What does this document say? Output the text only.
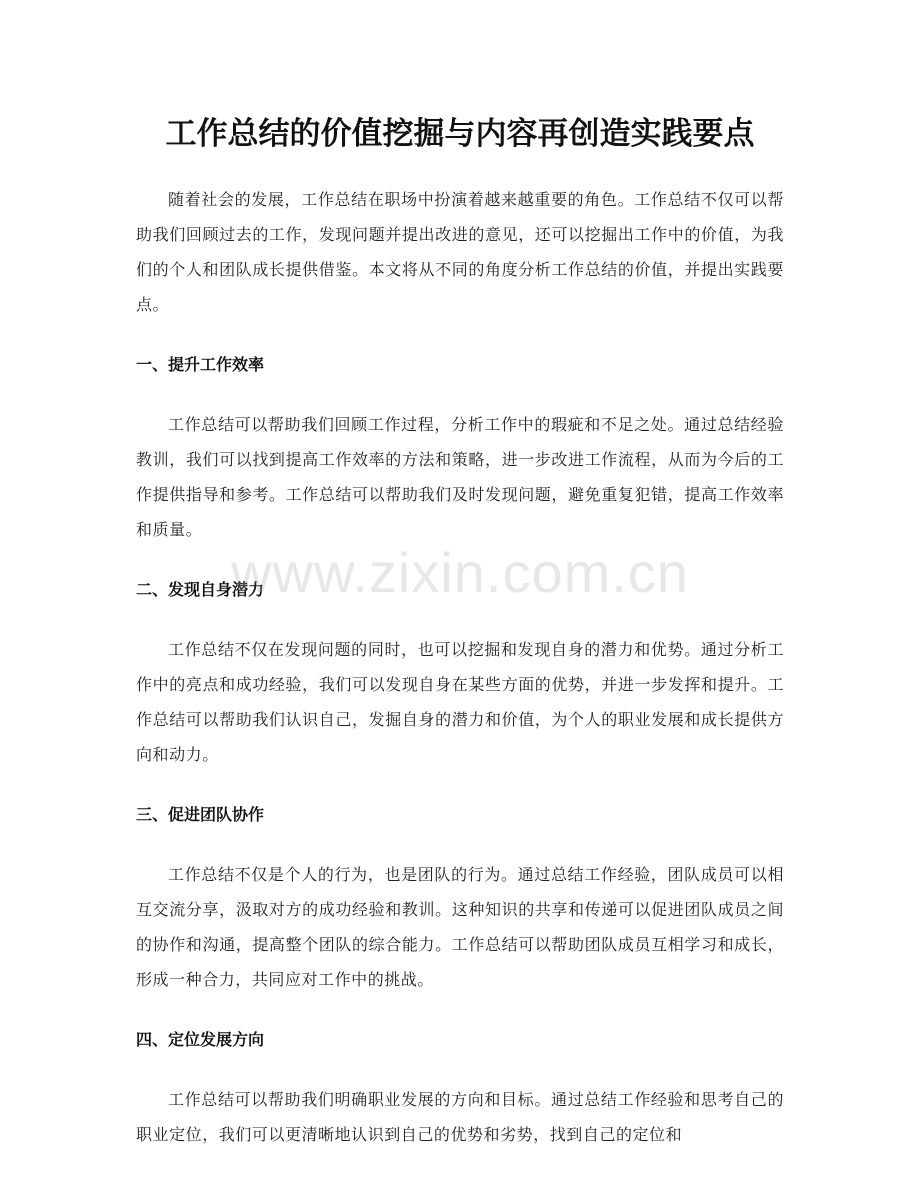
工作总结的价值挖掘与内容再创造实践要点

随着社会的发展，工作总结在职场中扮演着越来越重要的角色。工作总结不仅可以帮助我们回顾过去的工作，发现问题并提出改进的意见，还可以挖掘出工作中的价值，为我们的个人和团队成长提供借鉴。本文将从不同的角度分析工作总结的价值，并提出实践要点。

一、提升工作效率

工作总结可以帮助我们回顾工作过程，分析工作中的瑕疵和不足之处。通过总结经验教训，我们可以找到提高工作效率的方法和策略，进一步改进工作流程，从而为今后的工作提供指导和参考。工作总结可以帮助我们及时发现问题，避免重复犯错，提高工作效率和质量。

二、发现自身潜力

工作总结不仅在发现问题的同时，也可以挖掘和发现自身的潜力和优势。通过分析工作中的亮点和成功经验，我们可以发现自身在某些方面的优势，并进一步发挥和提升。工作总结可以帮助我们认识自己，发掘自身的潜力和价值，为个人的职业发展和成长提供方向和动力。

三、促进团队协作

工作总结不仅是个人的行为，也是团队的行为。通过总结工作经验，团队成员可以相互交流分享，汲取对方的成功经验和教训。这种知识的共享和传递可以促进团队成员之间的协作和沟通，提高整个团队的综合能力。工作总结可以帮助团队成员互相学习和成长，形成一种合力，共同应对工作中的挑战。

四、定位发展方向

工作总结可以帮助我们明确职业发展的方向和目标。通过总结工作经验和思考自己的职业定位，我们可以更清晰地认识到自己的优势和劣势，找到自己的定位和

www.zixin.com.cn
